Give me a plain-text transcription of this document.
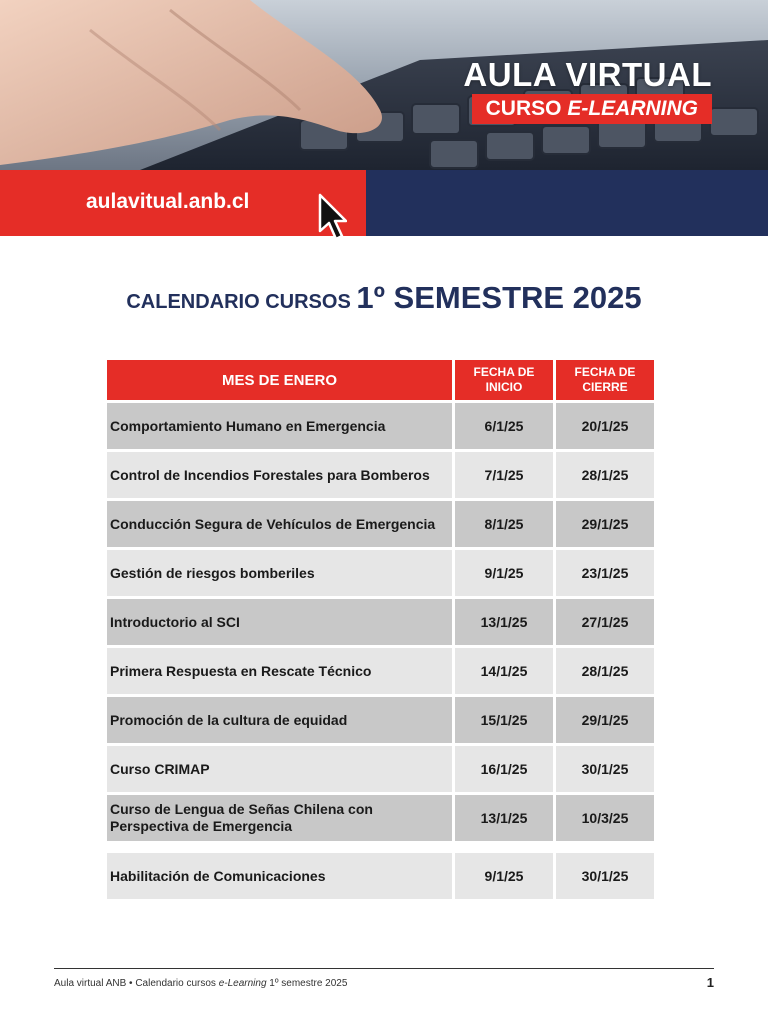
AULA VIRTUAL
CURSO E-LEARNING
aulavitual.anb.cl
CALENDARIO CURSOS 1º SEMESTRE 2025
MES DE ENERO	FECHA DE INICIO	FECHA DE CIERRE
Comportamiento Humano en Emergencia	6/1/25	20/1/25
Control de Incendios Forestales para Bomberos	7/1/25	28/1/25
Conducción Segura de Vehículos de Emergencia	8/1/25	29/1/25
Gestión de riesgos bomberiles	9/1/25	23/1/25
Introductorio al SCI	13/1/25	27/1/25
Primera Respuesta en Rescate Técnico	14/1/25	28/1/25
Promoción de la cultura de equidad	15/1/25	29/1/25
Curso CRIMAP	16/1/25	30/1/25
Curso de Lengua de Señas Chilena con Perspectiva de Emergencia	13/1/25	10/3/25

Habilitación de Comunicaciones	9/1/25	30/1/25
Aula virtual ANB • Calendario cursos e-Learning 1º semestre 2025	1
